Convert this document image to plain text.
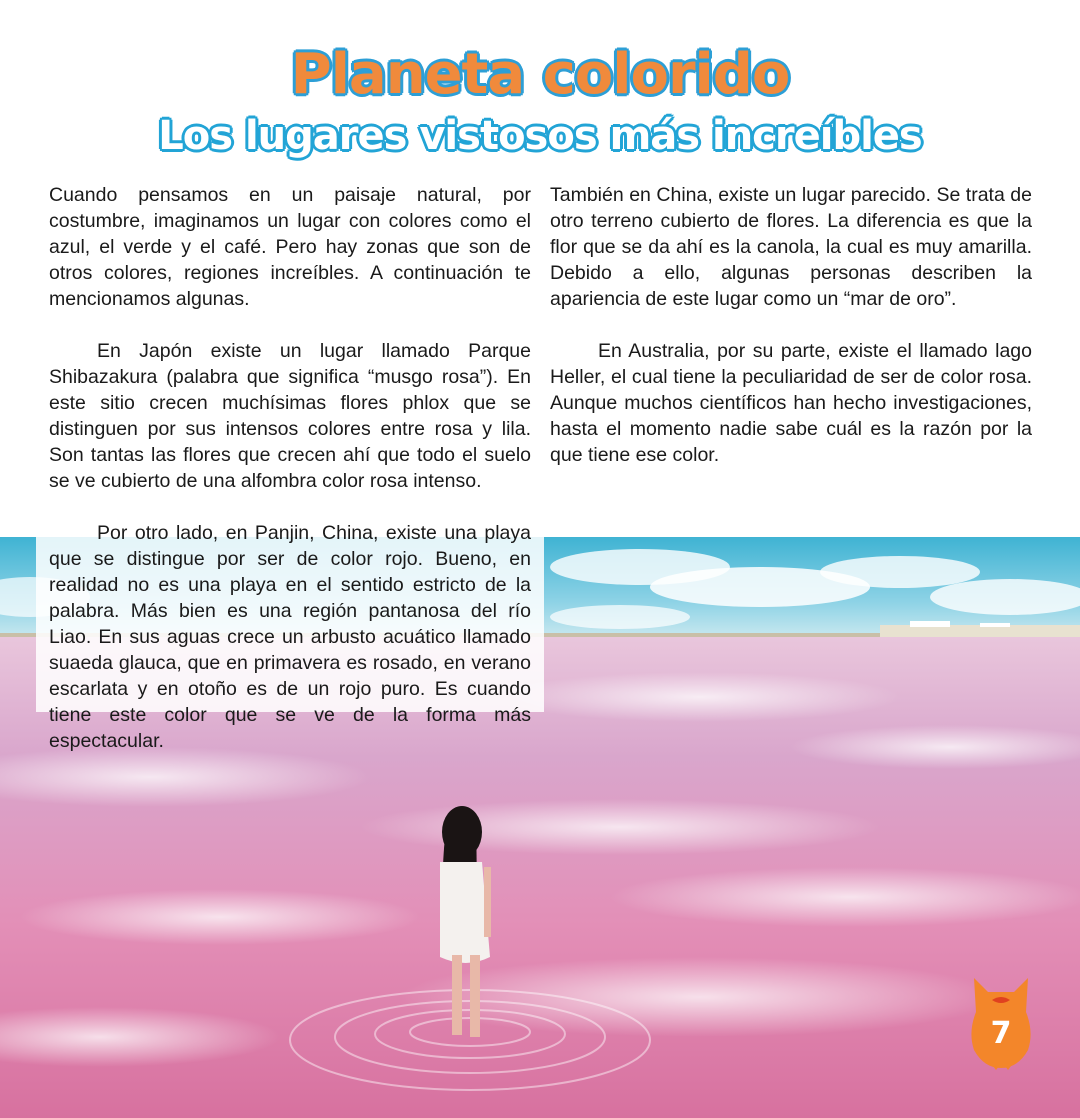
Planeta colorido
Los lugares vistosos más increíbles

Cuando pensamos en un paisaje natural, por costumbre, imaginamos un lugar con colores como el azul, el verde y el café. Pero hay zonas que son de otros colores, regiones increíbles. A continuación te mencionamos algunas.

En Japón existe un lugar llamado Parque Shibazakura (palabra que significa “musgo rosa”). En este sitio crecen muchísimas flores phlox que se distinguen por sus intensos colores entre rosa y lila. Son tantas las flores que crecen ahí que todo el suelo se ve cubierto de una alfombra color rosa intenso.

Por otro lado, en Panjin, China, existe una playa que se distingue por ser de color rojo. Bueno, en realidad no es una playa en el sentido estricto de la palabra. Más bien es una región pantanosa del río Liao. En sus aguas crece un arbusto acuático llamado suaeda glauca, que en primavera es rosado, en verano escarlata y en otoño es de un rojo puro. Es cuando tiene este color que se ve de la forma más espectacular.

También en China, existe un lugar parecido. Se trata de otro terreno cubierto de flores. La diferencia es que la flor que se da ahí es la canola, la cual es muy amarilla. Debido a ello, algunas personas describen la apariencia de este lugar como un “mar de oro”.

En Australia, por su parte, existe el llamado lago Heller, el cual tiene la peculiaridad de ser de color rosa. Aunque muchos científicos han hecho investigaciones, hasta el momento nadie sabe cuál es la razón por la que tiene ese color.

7
